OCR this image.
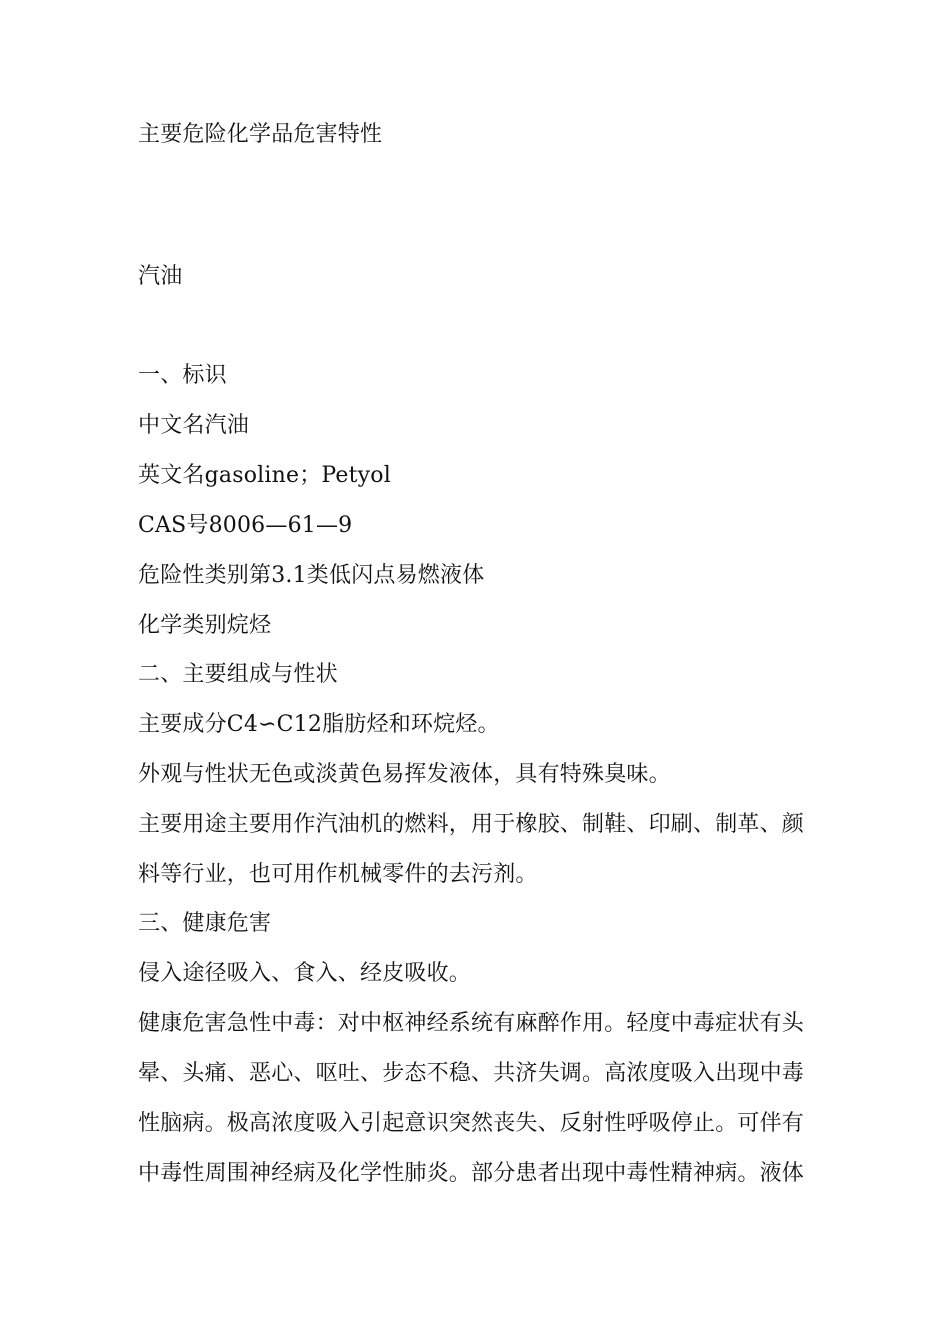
主要危险化学品危害特性
汽油
一、标识
中文名汽油
英文名gasoline；Petyol
CAS号8006—61—9
危险性类别第3.1类低闪点易燃液体
化学类别烷烃
二、主要组成与性状
主要成分C4∽C12脂肪烃和环烷烃。
外观与性状无色或淡黄色易挥发液体，具有特殊臭味。
主要用途主要用作汽油机的燃料，用于橡胶、制鞋、印刷、制革、颜
料等行业，也可用作机械零件的去污剂。
三、健康危害
侵入途径吸入、食入、经皮吸收。
健康危害急性中毒：对中枢神经系统有麻醉作用。轻度中毒症状有头
晕、头痛、恶心、呕吐、步态不稳、共济失调。高浓度吸入出现中毒
性脑病。极高浓度吸入引起意识突然丧失、反射性呼吸停止。可伴有
中毒性周围神经病及化学性肺炎。部分患者出现中毒性精神病。液体
